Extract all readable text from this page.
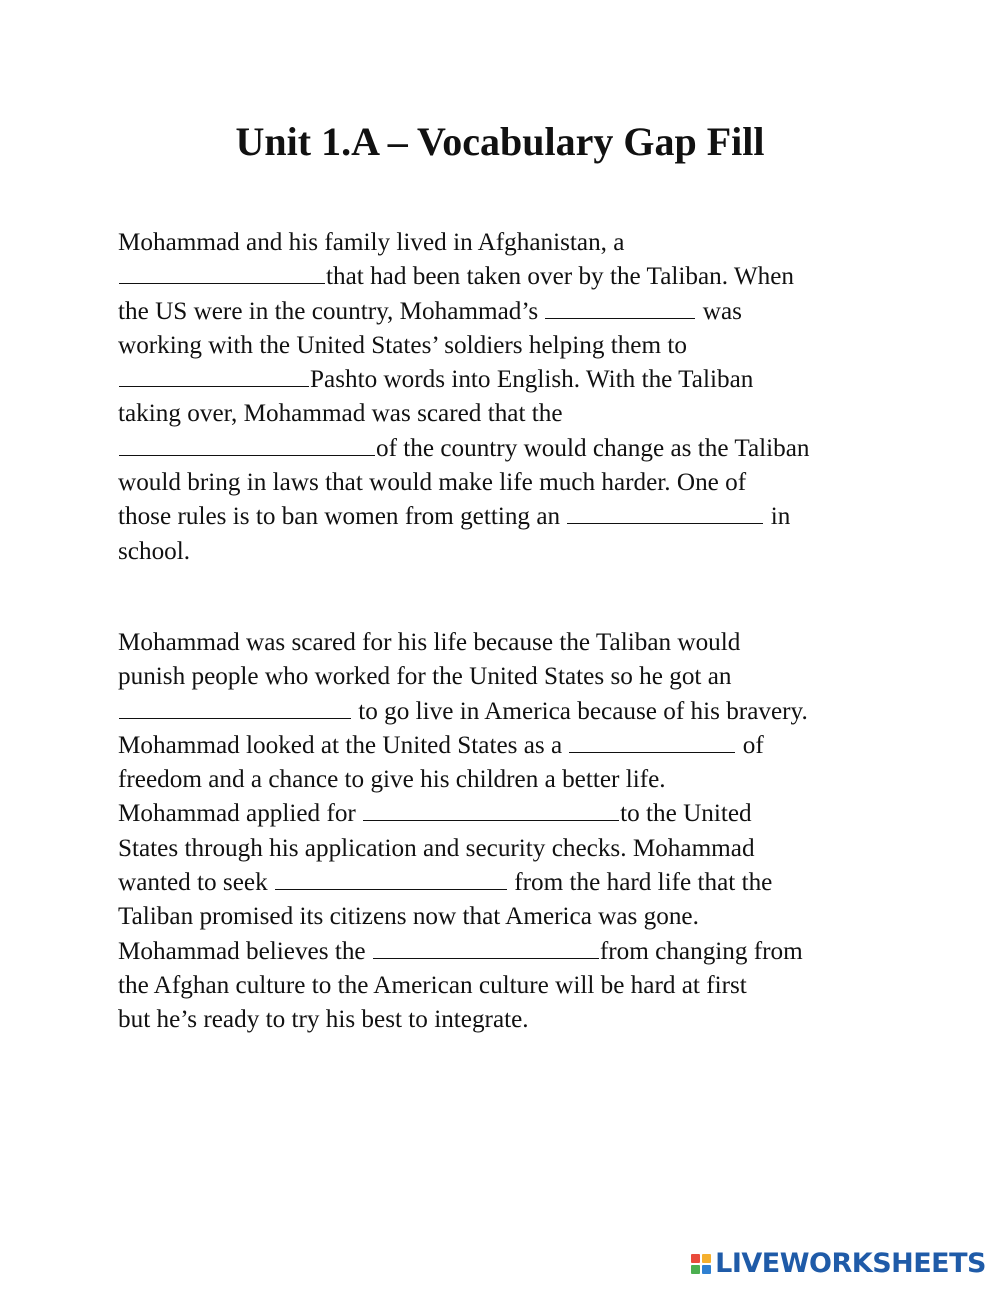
Unit 1.A – Vocabulary Gap Fill
Mohammad and his family lived in Afghanistan, a
that had been taken over by the Taliban. When
the US were in the country, Mohammad’s	was
working with the United States’ soldiers helping them to
Pashto words into English. With the Taliban
taking over, Mohammad was scared that the
of the country would change as the Taliban
would bring in laws that would make life much harder. One of
those rules is to ban women from getting an	in
school.
Mohammad was scared for his life because the Taliban would
punish people who worked for the United States so he got an
to go live in America because of his bravery.
Mohammad looked at the United States as a	of
freedom and a chance to give his children a better life.
Mohammad applied for	to the United
States through his application and security checks. Mohammad
wanted to seek	from the hard life that the
Taliban promised its citizens now that America was gone.
Mohammad believes the	from changing from
the Afghan culture to the American culture will be hard at first
but he’s ready to try his best to integrate.
LIVEWORKSHEETS
